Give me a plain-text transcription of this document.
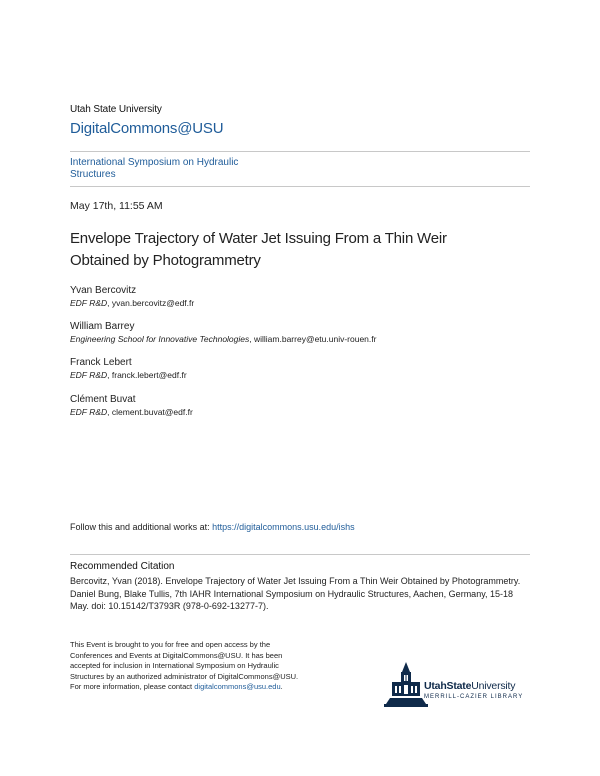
Utah State University
DigitalCommons@USU
International Symposium on Hydraulic Structures
May 17th, 11:55 AM
Envelope Trajectory of Water Jet Issuing From a Thin Weir Obtained by Photogrammetry
Yvan Bercovitz
EDF R&D, yvan.bercovitz@edf.fr
William Barrey
Engineering School for Innovative Technologies, william.barrey@etu.univ-rouen.fr
Franck Lebert
EDF R&D, franck.lebert@edf.fr
Clément Buvat
EDF R&D, clement.buvat@edf.fr
Follow this and additional works at: https://digitalcommons.usu.edu/ishs
Recommended Citation
Bercovitz, Yvan (2018). Envelope Trajectory of Water Jet Issuing From a Thin Weir Obtained by Photogrammetry. Daniel Bung, Blake Tullis, 7th IAHR International Symposium on Hydraulic Structures, Aachen, Germany, 15-18 May. doi: 10.15142/T3793R (978-0-692-13277-7).
This Event is brought to you for free and open access by the Conferences and Events at DigitalCommons@USU. It has been accepted for inclusion in International Symposium on Hydraulic Structures by an authorized administrator of DigitalCommons@USU. For more information, please contact digitalcommons@usu.edu.	UtahStateUniversity
MERRILL-CAZIER LIBRARY
